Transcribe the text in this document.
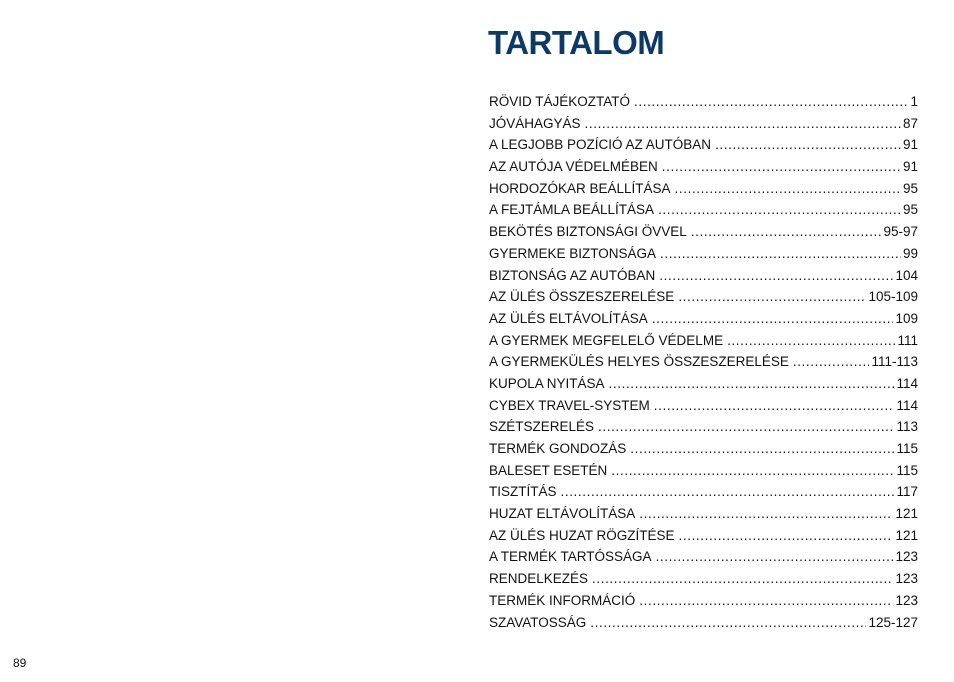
TARTALOM
RÖVID TÁJÉKOZTATÓ .....	1
JÓVÁHAGYÁS .....	87
A LEGJOBB POZÍCIÓ AZ AUTÓBAN .....	91
AZ AUTÓJA VÉDELMÉBEN .....	91
HORDOZÓKAR BEÁLLÍTÁSA .....	95
A FEJTÁMLA BEÁLLÍTÁSA .....	95
BEKÖTÉS BIZTONSÁGI ÖVVEL .....	95-97
GYERMEKE BIZTONSÁGA .....	99
BIZTONSÁG AZ AUTÓBAN .....	104
AZ ÜLÉS ÖSSZESZERELÉSE .....	105-109
AZ ÜLÉS ELTÁVOLÍTÁSA .....	109
A GYERMEK MEGFELELŐ VÉDELME .....	111
A GYERMEKÜLÉS HELYES ÖSSZESZERELÉSE .....	111-113
KUPOLA NYITÁSA .....	114
CYBEX TRAVEL-SYSTEM .....	114
SZÉTSZERELÉS .....	113
TERMÉK GONDOZÁS .....	115
BALESET ESETÉN .....	115
TISZTÍTÁS .....	117
HUZAT ELTÁVOLÍTÁSA .....	121
AZ ÜLÉS HUZAT RÖGZÍTÉSE .....	121
A TERMÉK TARTÓSSÁGA .....	123
RENDELKEZÉS .....	123
TERMÉK INFORMÁCIÓ .....	123
SZAVATOSSÁG .....	125-127
89
